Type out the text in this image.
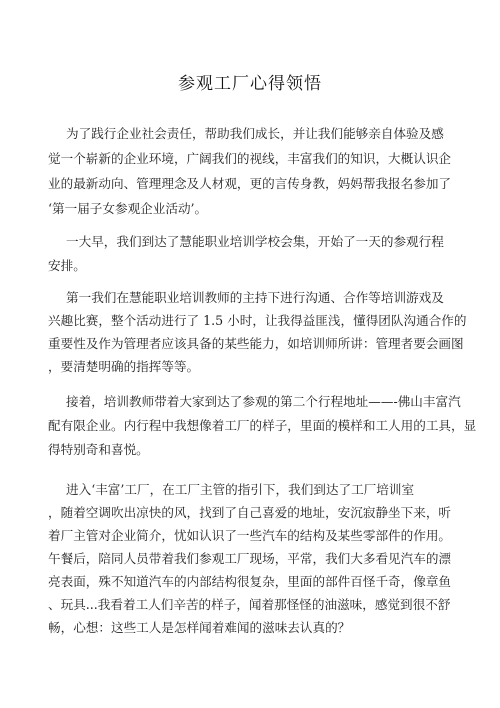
参观工厂心得领悟
为了践行企业社会责任，帮助我们成长，并让我们能够亲自体验及感
觉一个崭新的企业环境，广阔我们的视线，丰富我们的知识，大概认识企
业的最新动向、管理理念及人材观，更的言传身教，妈妈帮我报名参加了
‘第一届子女参观企业活动’。
一大早，我们到达了慧能职业培训学校会集，开始了一天的参观行程
安排。
第一我们在慧能职业培训教师的主持下进行沟通、合作等培训游戏及
兴趣比赛，整个活动进行了 1.5 小时，让我得益匪浅，懂得团队沟通合作的
重要性及作为管理者应该具备的某些能力，如培训师所讲：管理者要会画图
，要清楚明确的指挥等等。
接着，培训教师带着大家到达了参观的第二个行程地址——-佛山丰富汽
配有限企业。内行程中我想像着工厂的样子，里面的模样和工人用的工具，显
得特别奇和喜悦。
进入‘丰富’工厂，在工厂主管的指引下，我们到达了工厂培训室
，随着空调吹出凉快的风，找到了自己喜爱的地址，安沉寂静坐下来，听
着厂主管对企业简介，忧如认识了一些汽车的结构及某些零部件的作用。
午餐后，陪同人员带着我们参观工厂现场，平常，我们大多看见汽车的漂
亮表面，殊不知道汽车的内部结构很复杂，里面的部件百怪千奇，像章鱼
、玩具...我看着工人们辛苦的样子，闻着那怪怪的油滋味，感觉到很不舒
畅，心想：这些工人是怎样闻着难闻的滋味去认真的？
